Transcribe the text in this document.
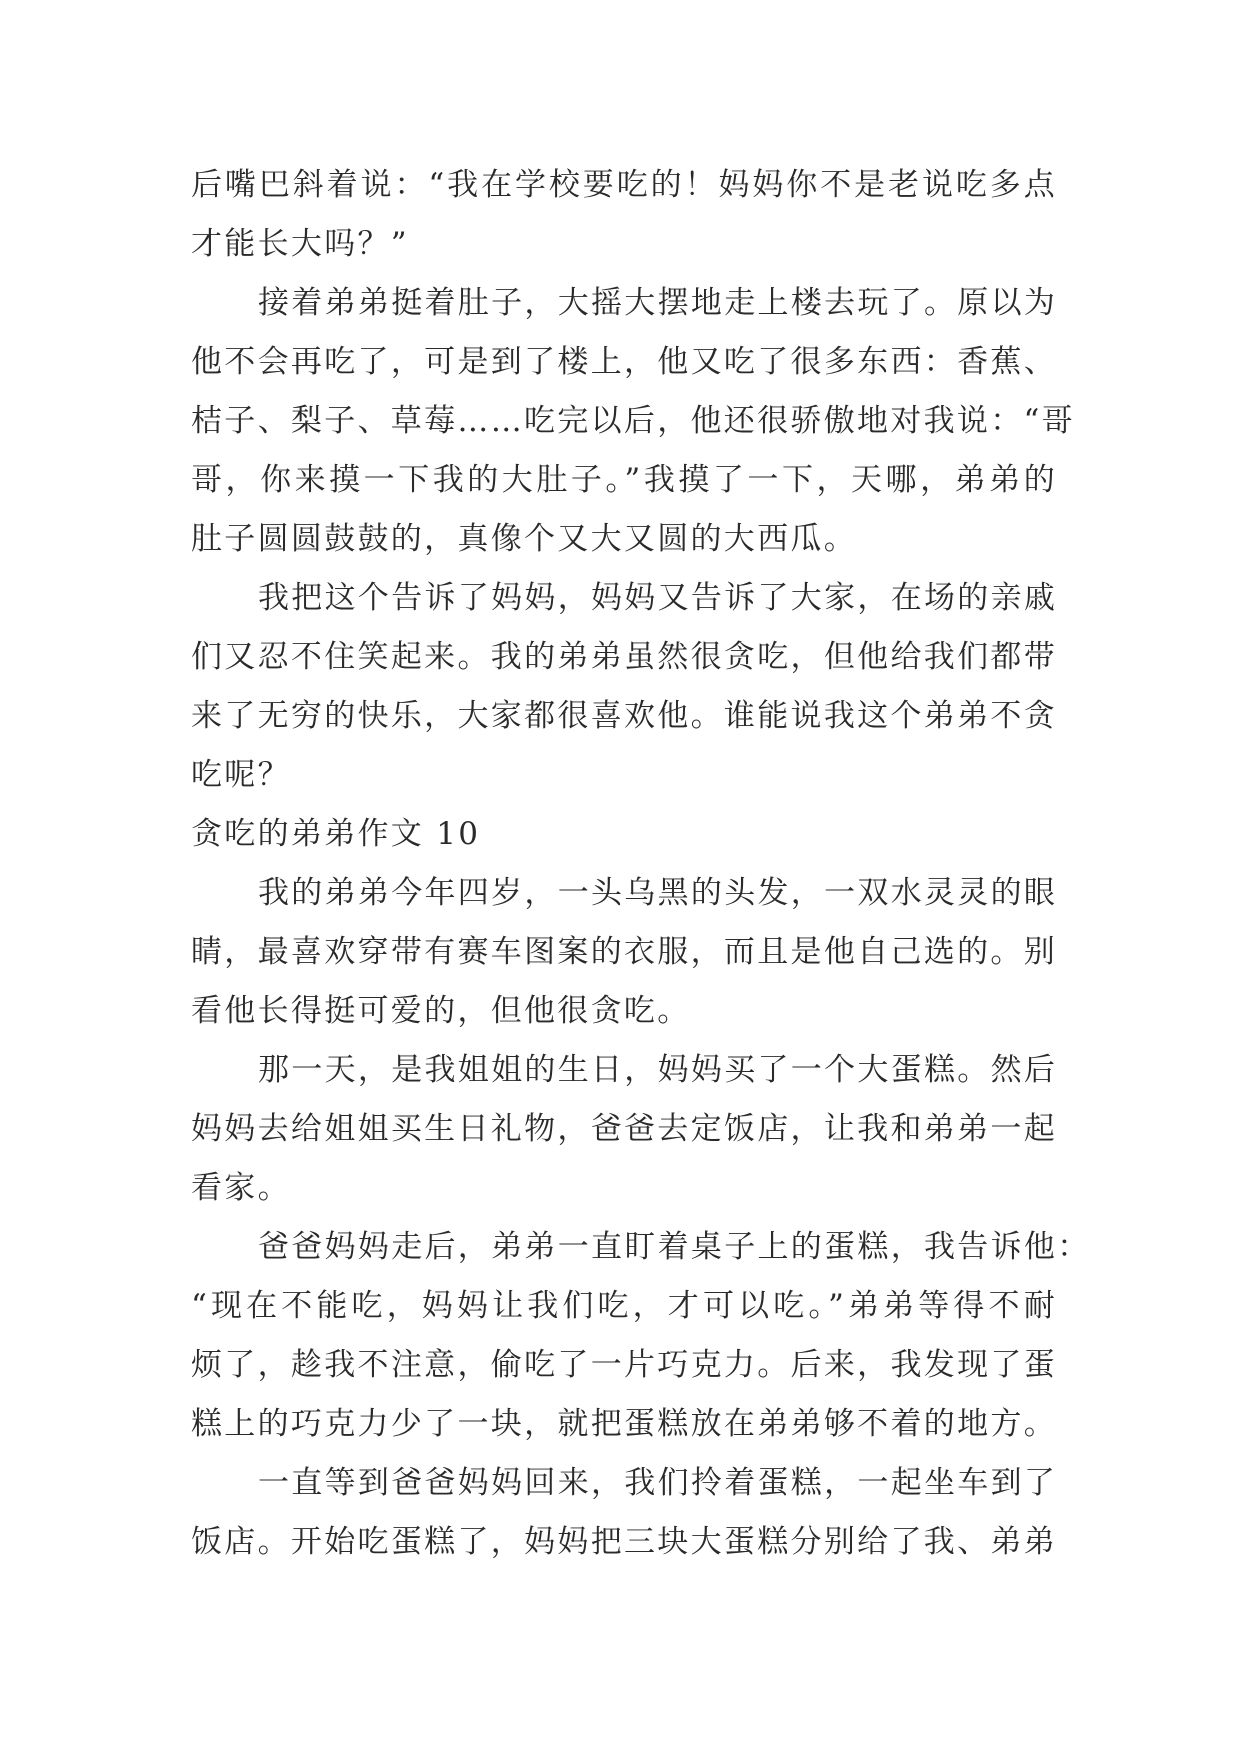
后嘴巴斜着说：“我在学校要吃的！妈妈你不是老说吃多点
才能长大吗？”
接着弟弟挺着肚子，大摇大摆地走上楼去玩了。原以为
他不会再吃了，可是到了楼上，他又吃了很多东西：香蕉、
桔子、梨子、草莓……吃完以后，他还很骄傲地对我说：“哥
哥，你来摸一下我的大肚子。”我摸了一下，天哪，弟弟的
肚子圆圆鼓鼓的，真像个又大又圆的大西瓜。
我把这个告诉了妈妈，妈妈又告诉了大家，在场的亲戚
们又忍不住笑起来。我的弟弟虽然很贪吃，但他给我们都带
来了无穷的快乐，大家都很喜欢他。谁能说我这个弟弟不贪
吃呢？
贪吃的弟弟作文 10
我的弟弟今年四岁，一头乌黑的头发，一双水灵灵的眼
睛，最喜欢穿带有赛车图案的衣服，而且是他自己选的。别
看他长得挺可爱的，但他很贪吃。
那一天，是我姐姐的生日，妈妈买了一个大蛋糕。然后
妈妈去给姐姐买生日礼物，爸爸去定饭店，让我和弟弟一起
看家。
爸爸妈妈走后，弟弟一直盯着桌子上的蛋糕，我告诉他：
“现在不能吃，妈妈让我们吃，才可以吃。”弟弟等得不耐
烦了，趁我不注意，偷吃了一片巧克力。后来，我发现了蛋
糕上的巧克力少了一块，就把蛋糕放在弟弟够不着的地方。
一直等到爸爸妈妈回来，我们拎着蛋糕，一起坐车到了
饭店。开始吃蛋糕了，妈妈把三块大蛋糕分别给了我、弟弟
